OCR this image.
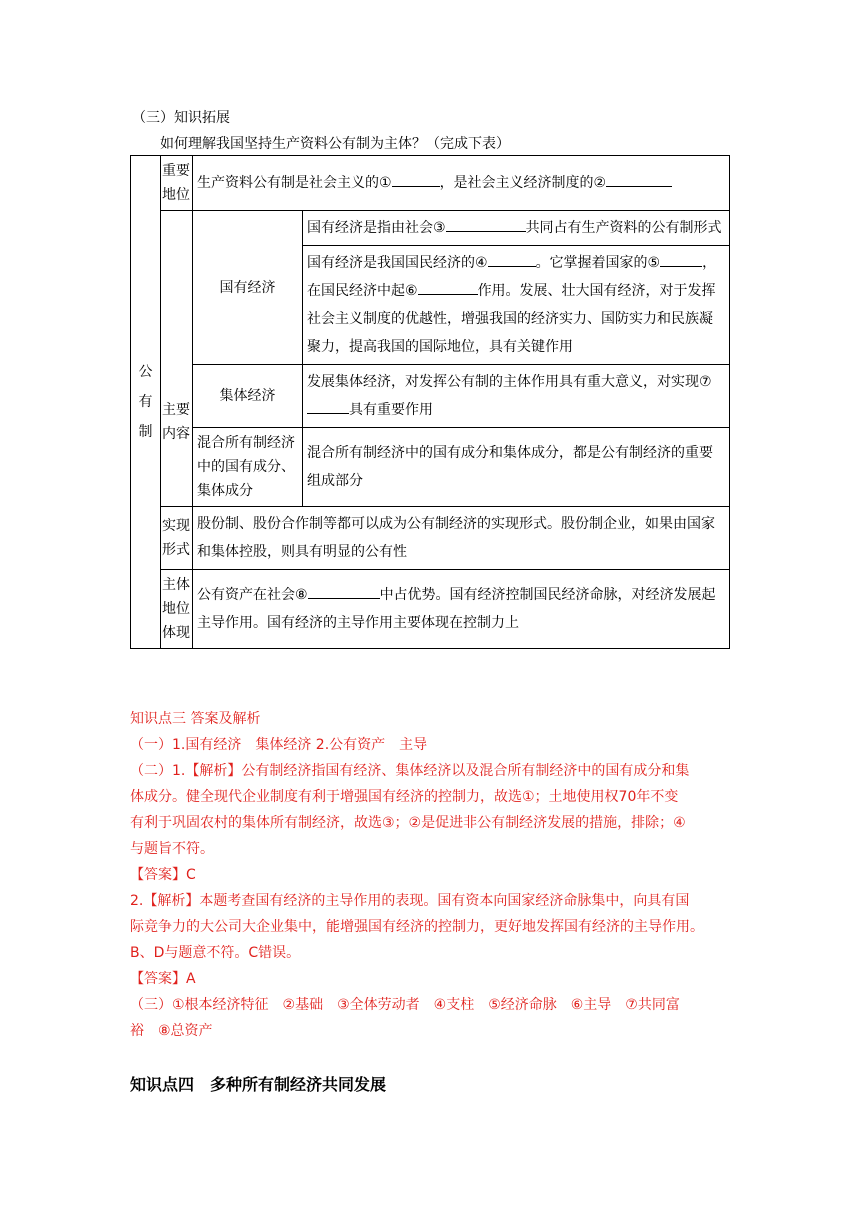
（三）知识拓展
如何理解我国坚持生产资料公有制为主体？（完成下表）
公有制	重要地位	生产资料公有制是社会主义的① ，是社会主义经济制度的②	
	主要内容	国有经济	国有经济是指由社会③ 共同占有生产资料的公有制形式
			国有经济是我国国民经济的④ 。它掌握着国家的⑤ ，在国民经济中起⑥ 作用。发展、壮大国有经济，对于发挥社会主义制度的优越性，增强我国的经济实力、国防实力和民族凝聚力，提高我国的国际地位，具有关键作用
		集体经济	发展集体经济，对发挥公有制的主体作用具有重大意义，对实现⑦具有重要作用
		混合所有制经济中的国有成分、集体成分	混合所有制经济中的国有成分和集体成分，都是公有制经济的重要组成部分
	实现形式	股份制、股份合作制等都可以成为公有制经济的实现形式。股份制企业，如果由国家和集体控股，则具有明显的公有性	
	主体地位体现	公有资产在社会⑧ 中占优势。国有经济控制国民经济命脉，对经济发展起主导作用。国有经济的主导作用主要体现在控制力上	
知识点三 答案及解析
（一）1.国有经济　集体经济 2.公有资产　主导
（二）1.【解析】公有制经济指国有经济、集体经济以及混合所有制经济中的国有成分和集
体成分。健全现代企业制度有利于增强国有经济的控制力，故选①；土地使用权70年不变
有利于巩固农村的集体所有制经济，故选③；②是促进非公有制经济发展的措施，排除；④
与题旨不符。
【答案】C
2.【解析】本题考查国有经济的主导作用的表现。国有资本向国家经济命脉集中，向具有国
际竞争力的大公司大企业集中，能增强国有经济的控制力，更好地发挥国有经济的主导作用。
B、D与题意不符。C错误。
【答案】A
（三）①根本经济特征　②基础　③全体劳动者　④支柱　⑤经济命脉　⑥主导　⑦共同富
裕　⑧总资产
知识点四　多种所有制经济共同发展
